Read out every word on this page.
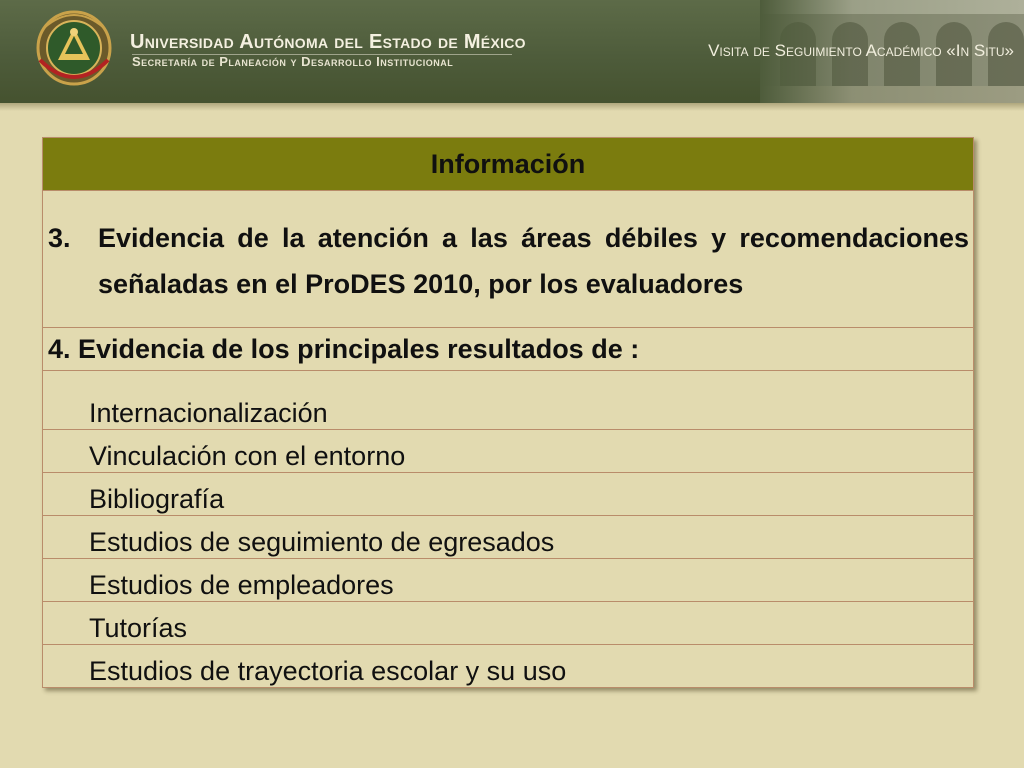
Universidad Autónoma del Estado de México
Secretaría de Planeación y Desarrollo Institucional
Visita de Seguimiento Académico «In Situ»
Información

3.	Evidencia de la atención a las áreas débiles y recomendaciones señaladas en el ProDES 2010, por los evaluadores

4. Evidencia de los principales resultados de :
Internacionalización
Vinculación con el entorno
Bibliografía
Estudios de seguimiento de egresados
Estudios de empleadores
Tutorías
Estudios de trayectoria escolar y su uso
